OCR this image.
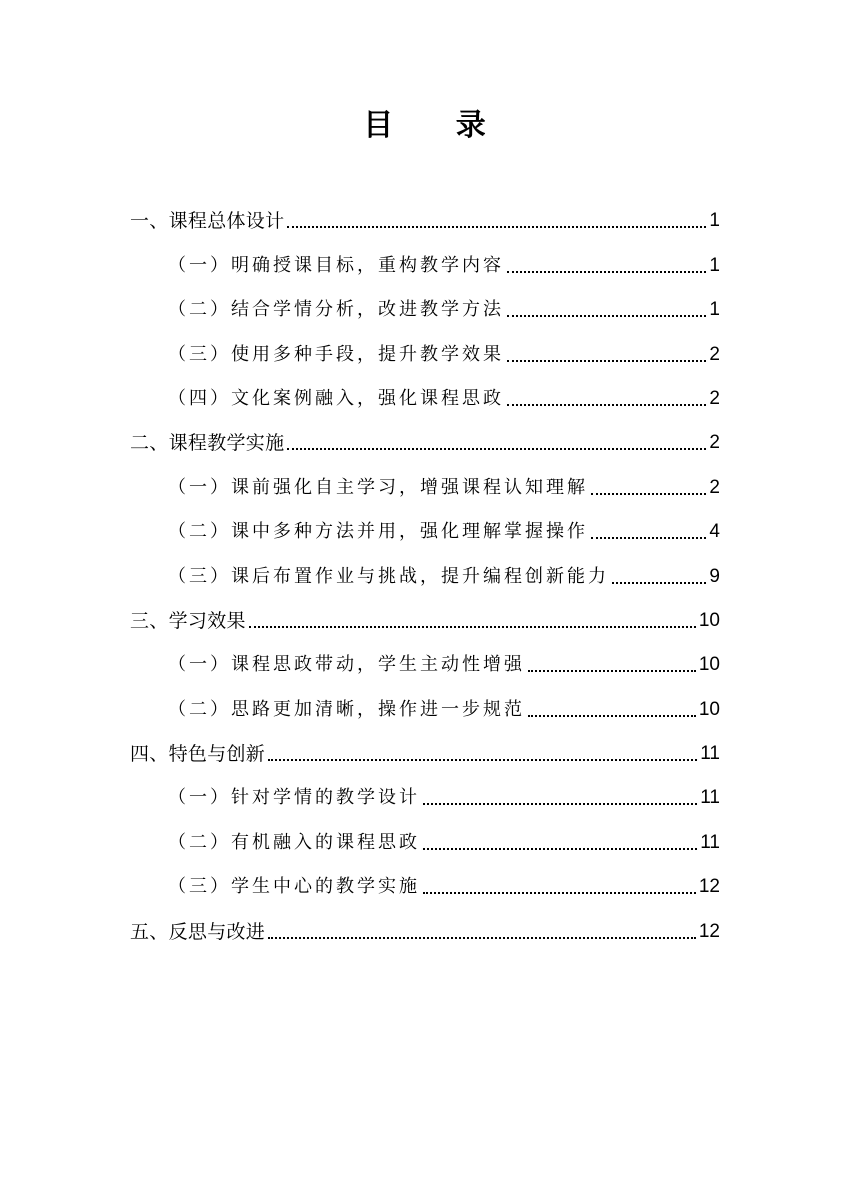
目 录
一、课程总体设计	1
（一）明确授课目标，重构教学内容	1
（二）结合学情分析，改进教学方法	1
（三）使用多种手段，提升教学效果	2
（四）文化案例融入，强化课程思政	2
二、课程教学实施	2
（一）课前强化自主学习，增强课程认知理解	2
（二）课中多种方法并用，强化理解掌握操作	4
（三）课后布置作业与挑战，提升编程创新能力	9
三、学习效果	10
（一）课程思政带动，学生主动性增强	10
（二）思路更加清晰，操作进一步规范	10
四、特色与创新	11
（一）针对学情的教学设计	11
（二）有机融入的课程思政	11
（三）学生中心的教学实施	12
五、反思与改进	12
